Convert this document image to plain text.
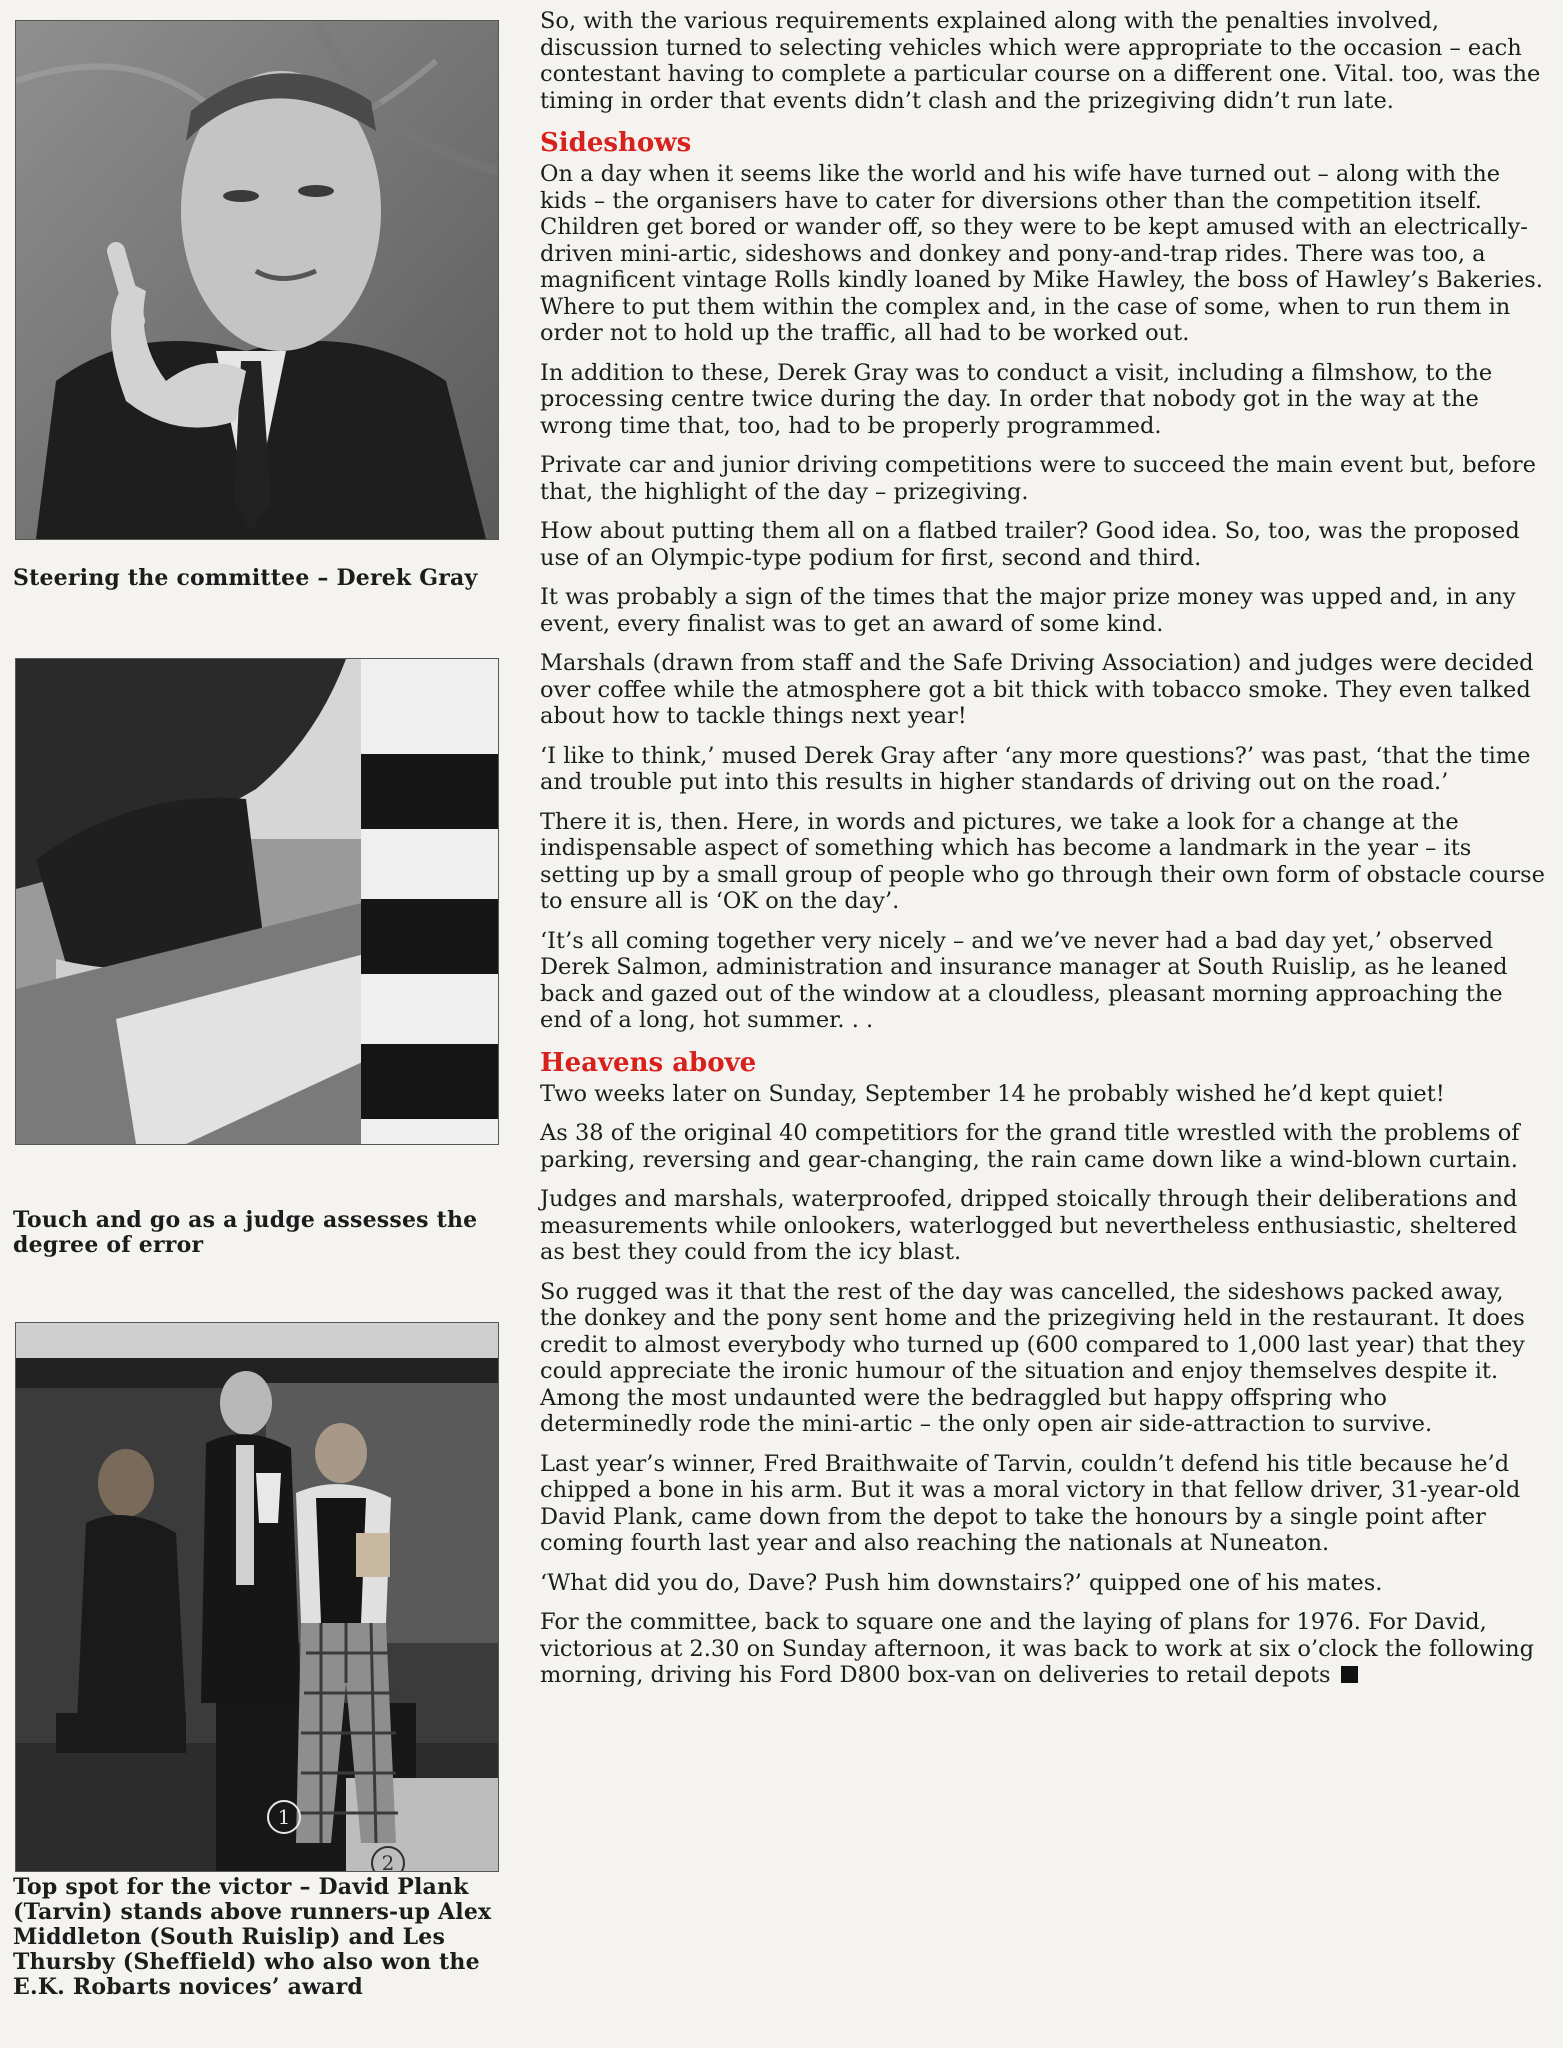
Steering the committee – Derek Gray
Touch and go as a judge assesses the degree of error
1
2
Top spot for the victor – David Plank (Tarvin) stands above runners-up Alex Middleton (South Ruislip) and Les Thursby (Sheffield) who also won the E.K. Robarts novices’ award

So, with the various requirements explained along with the penalties involved, discussion turned to selecting vehicles which were appropriate to the occasion – each contestant having to complete a particular course on a different one. Vital. too, was the timing in order that events didn’t clash and the prizegiving didn’t run late.

Sideshows

On a day when it seems like the world and his wife have turned out – along with the kids – the organisers have to cater for diversions other than the competition itself. Children get bored or wander off, so they were to be kept amused with an electrically-driven mini-artic, sideshows and donkey and pony-and-trap rides. There was too, a magnificent vintage Rolls kindly loaned by Mike Hawley, the boss of Hawley’s Bakeries. Where to put them within the complex and, in the case of some, when to run them in order not to hold up the traffic, all had to be worked out.

In addition to these, Derek Gray was to conduct a visit, including a filmshow, to the processing centre twice during the day. In order that nobody got in the way at the wrong time that, too, had to be properly programmed.

Private car and junior driving competitions were to succeed the main event but, before that, the highlight of the day – prizegiving.

How about putting them all on a flatbed trailer? Good idea. So, too, was the proposed use of an Olympic-type podium for first, second and third.

It was probably a sign of the times that the major prize money was upped and, in any event, every finalist was to get an award of some kind.

Marshals (drawn from staff and the Safe Driving Association) and judges were decided over coffee while the atmosphere got a bit thick with tobacco smoke. They even talked about how to tackle things next year!

‘I like to think,’ mused Derek Gray after ‘any more questions?’ was past, ‘that the time and trouble put into this results in higher standards of driving out on the road.’

There it is, then. Here, in words and pictures, we take a look for a change at the indispensable aspect of something which has become a landmark in the year – its setting up by a small group of people who go through their own form of obstacle course to ensure all is ‘OK on the day’.

‘It’s all coming together very nicely – and we’ve never had a bad day yet,’ observed Derek Salmon, administration and insurance manager at South Ruislip, as he leaned back and gazed out of the window at a cloudless, pleasant morning approaching the end of a long, hot summer. . .

Heavens above

Two weeks later on Sunday, September 14 he probably wished he’d kept quiet!

As 38 of the original 40 competitiors for the grand title wrestled with the problems of parking, reversing and gear-changing, the rain came down like a wind-blown curtain.

Judges and marshals, waterproofed, dripped stoically through their deliberations and measurements while onlookers, waterlogged but nevertheless enthusiastic, sheltered as best they could from the icy blast.

So rugged was it that the rest of the day was cancelled, the sideshows packed away, the donkey and the pony sent home and the prizegiving held in the restaurant. It does credit to almost everybody who turned up (600 compared to 1,000 last year) that they could appreciate the ironic humour of the situation and enjoy themselves despite it. Among the most undaunted were the bedraggled but happy offspring who determinedly rode the mini-artic – the only open air side-attraction to survive.

Last year’s winner, Fred Braithwaite of Tarvin, couldn’t defend his title because he’d chipped a bone in his arm. But it was a moral victory in that fellow driver, 31-year-old David Plank, came down from the depot to take the honours by a single point after coming fourth last year and also reaching the nationals at Nuneaton.

‘What did you do, Dave? Push him downstairs?’ quipped one of his mates.

For the committee, back to square one and the laying of plans for 1976. For David, victorious at 2.30 on Sunday afternoon, it was back to work at six o’clock the following morning, driving his Ford D800 box-van on deliveries to retail depots
